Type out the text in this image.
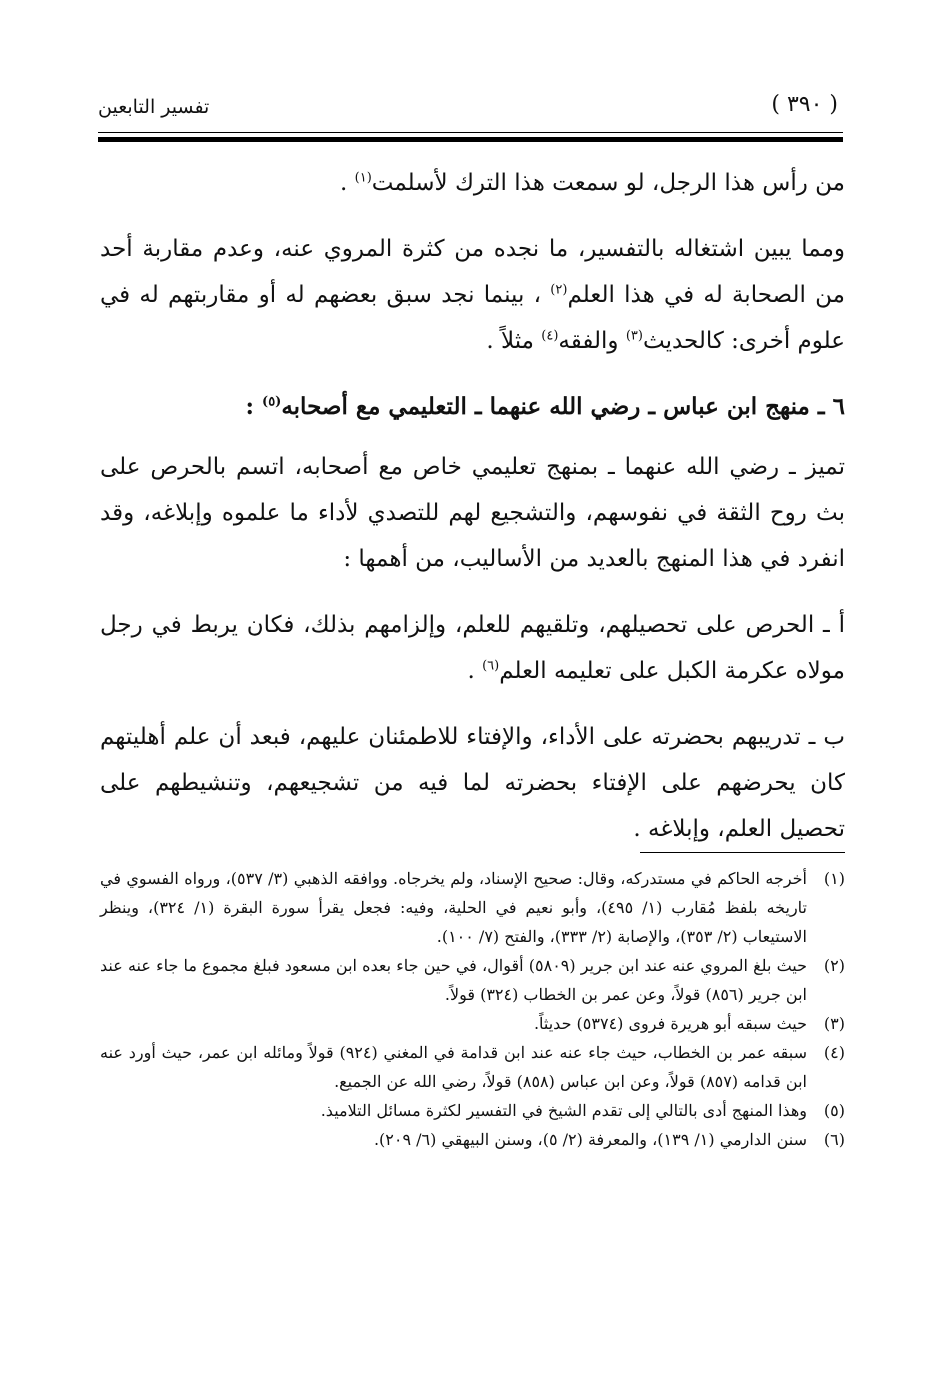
( ٣٩٠ )
تفسير التابعين

من رأس هذا الرجل، لو سمعت هذا الترك لأسلمت$^{(١)}$ .

ومما يبين اشتغاله بالتفسير، ما نجده من كثرة المروي عنه، وعدم مقاربة أحد من الصحابة له في هذا العلم$^{(٢)}$ ، بينما نجد سبق بعضهم له أو مقاربتهم له في علوم أخرى: كالحديث$^{(٣)}$ والفقه$^{(٤)}$ مثلاً .

٦ ـ منهج ابن عباس ـ رضي الله عنهما ـ التعليمي مع أصحابه$^{(٥)}$ :

تميز ـ رضي الله عنهما ـ بمنهج تعليمي خاص مع أصحابه، اتسم بالحرص على بث روح الثقة في نفوسهم، والتشجيع لهم للتصدي لأداء ما علموه وإبلاغه، وقد انفرد في هذا المنهج بالعديد من الأساليب، من أهمها :

أ ـ الحرص على تحصيلهم، وتلقيهم للعلم، وإلزامهم بذلك، فكان يربط في رجل مولاه عكرمة الكبل على تعليمه العلم$^{(٦)}$ .

ب ـ تدريبهم بحضرته على الأداء، والإفتاء للاطمئنان عليهم، فبعد أن علم أهليتهم كان يحرضهم على الإفتاء بحضرته لما فيه من تشجيعهم، وتنشيطهم على تحصيل العلم، وإبلاغه .

(١)
أخرجه الحاكم في مستدركه، وقال: صحيح الإسناد، ولم يخرجاه. ووافقه الذهبي (٣/ ٥٣٧)، ورواه الفسوي في تاريخه بلفظ مُقارب (١/ ٤٩٥)، وأبو نعيم في الحلية، وفيه: فجعل يقرأ سورة البقرة (١/ ٣٢٤)، وينظر الاستيعاب (٢/ ٣٥٣)، والإصابة (٢/ ٣٣٣)، والفتح (٧/ ١٠٠).
(٢)
حيث بلغ المروي عنه عند ابن جرير (٥٨٠٩) أقوال، في حين جاء بعده ابن مسعود فبلغ مجموع ما جاء عنه عند ابن جرير (٨٥٦) قولاً، وعن عمر بن الخطاب (٣٢٤) قولاً.
(٣)
حيث سبقه أبو هريرة فروى (٥٣٧٤) حديثاً.
(٤)
سبقه عمر بن الخطاب، حيث جاء عنه عند ابن قدامة في المغني (٩٢٤) قولاً ومائله ابن عمر، حيث أورد عنه ابن قدامه (٨٥٧) قولاً، وعن ابن عباس (٨٥٨) قولاً، رضي الله عن الجميع.
(٥)
وهذا المنهج أدى بالتالي إلى تقدم الشيخ في التفسير لكثرة مسائل التلاميذ.
(٦)
سنن الدارمي (١/ ١٣٩)، والمعرفة (٢/ ٥)، وسنن البيهقي (٦/ ٢٠٩).
